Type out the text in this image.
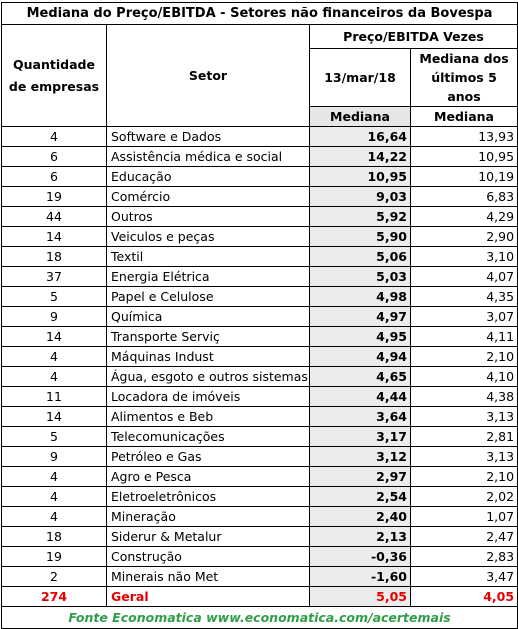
Mediana do Preço/EBITDA - Setores não financeiros da Bovespa			
Quantidade de empresas	Setor	Preço/EBITDA Vezes	
		13/mar/18	Mediana dos últimos 5 anos
		Mediana	Mediana
4	Software e Dados	16,64	13,93
6	Assistência médica e social	14,22	10,95
6	Educação	10,95	10,19
19	Comércio	9,03	6,83
44	Outros	5,92	4,29
14	Veiculos e peças	5,90	2,90
18	Textil	5,06	3,10
37	Energia Elétrica	5,03	4,07
5	Papel e Celulose	4,98	4,35
9	Química	4,97	3,07
14	Transporte Serviç	4,95	4,11
4	Máquinas Indust	4,94	2,10
4	Água, esgoto e outros sistemas	4,65	4,10
11	Locadora de imóveis	4,44	4,38
14	Alimentos e Beb	3,64	3,13
5	Telecomunicações	3,17	2,81
9	Petróleo e Gas	3,12	3,13
4	Agro e Pesca	2,97	2,10
4	Eletroeletrônicos	2,54	2,02
4	Mineração	2,40	1,07
18	Siderur & Metalur	2,13	2,47
19	Construção	-0,36	2,83
2	Minerais não Met	-1,60	3,47
274	Geral	5,05	4,05
Fonte Economatica www.economatica.com/acertemais			
